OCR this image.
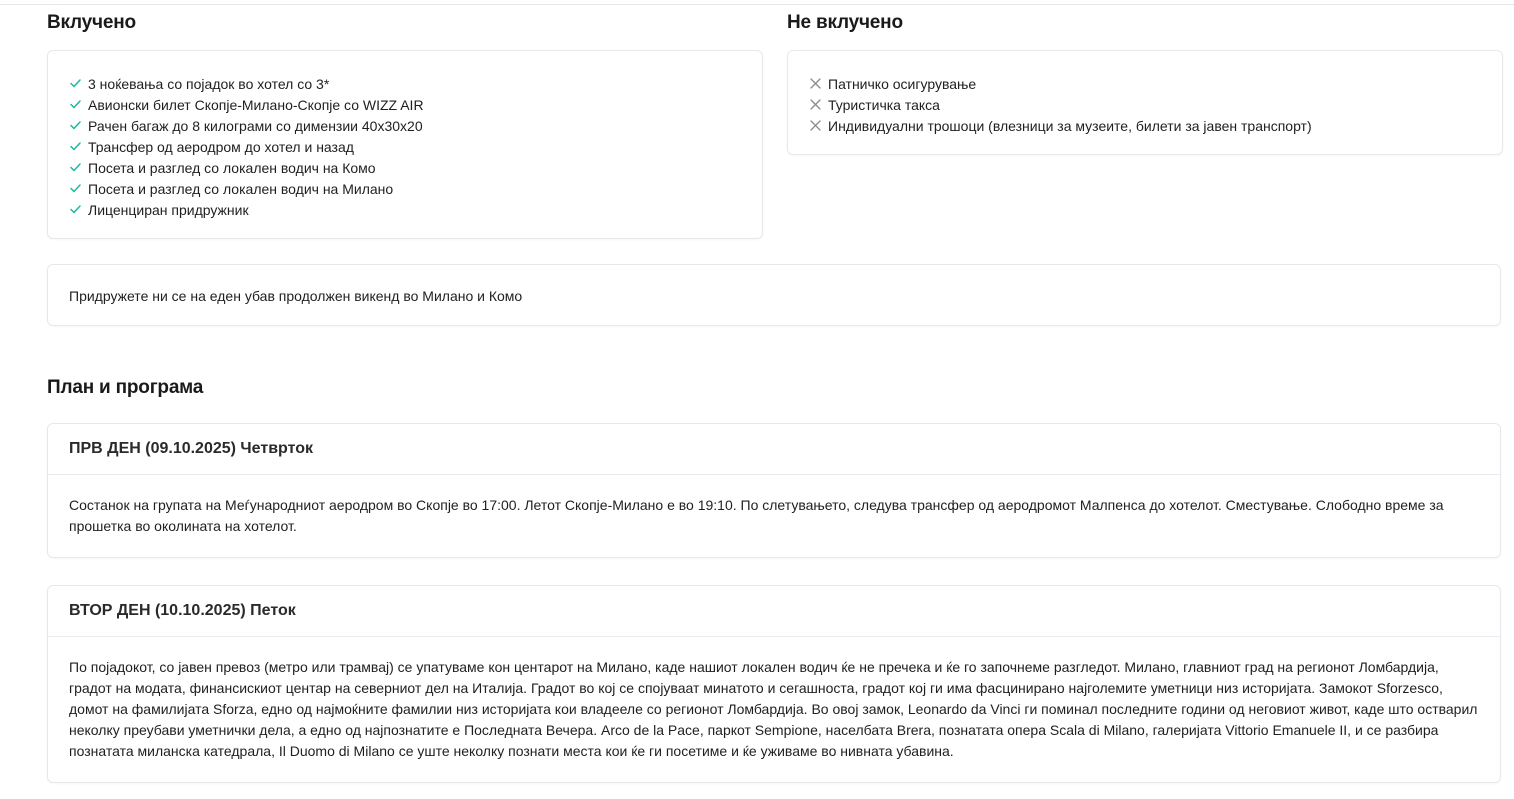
Вклучено
3 ноќевања со појадок во хотел со 3*
Авионски билет Скопје-Милано-Скопје со WIZZ AIR
Рачен багаж до 8 килограми со димензии 40x30x20
Трансфер од аеродром до хотел и назад
Посета и разглед со локален водич на Комо
Посета и разглед со локален водич на Милано
Лиценциран придружник
Не вклучено
Патничко осигурување
Туристичка такса
Индивидуални трошоци (влезници за музеите, билети за јавен транспорт)
Придружете ни се на еден убав продолжен викенд во Милано и Комо
План и програма
ПРВ ДЕН (09.10.2025) Четврток
Состанок на групата на Меѓународниот аеродром во Скопје во 17:00. Летот Скопје-Милано е во 19:10. По слетувањето, следува трансфер од аеродромот Малпенса до хотелот. Сместување. Слободно време за прошетка во околината на хотелот.
ВТОР ДЕН (10.10.2025) Петок
По појадокот, со јавен превоз (метро или трамвај) се упатуваме кон центарот на Милано, каде нашиот локален водич ќе не пречека и ќе го започнеме разгледот. Милано, главниот град на регионот Ломбардија, градот на модата, финансискиот центар на северниот дел на Италија. Градот во кој се спојуваат минатото и сегашноста, градот кој ги има фасцинирано најголемите уметници низ историјата. Замокот Sforzesco, домот на фамилијата Sforza, едно од најмоќните фамилии низ историјата кои владееле со регионот Ломбардија. Во овој замок, Leonardo da Vinci ги поминал последните години од неговиот живот, каде што остварил неколку преубави уметнички дела, а едно од најпознатите е Последната Вечера. Arco de la Pace, паркот Sempione, населбата Brera, познатата опера Scala di Milano, галеријата Vittorio Emanuele II, и се разбира познатата миланска катедрала, Il Duomo di Milano се уште неколку познати места кои ќе ги посетиме и ќе уживаме во нивната убавина.
